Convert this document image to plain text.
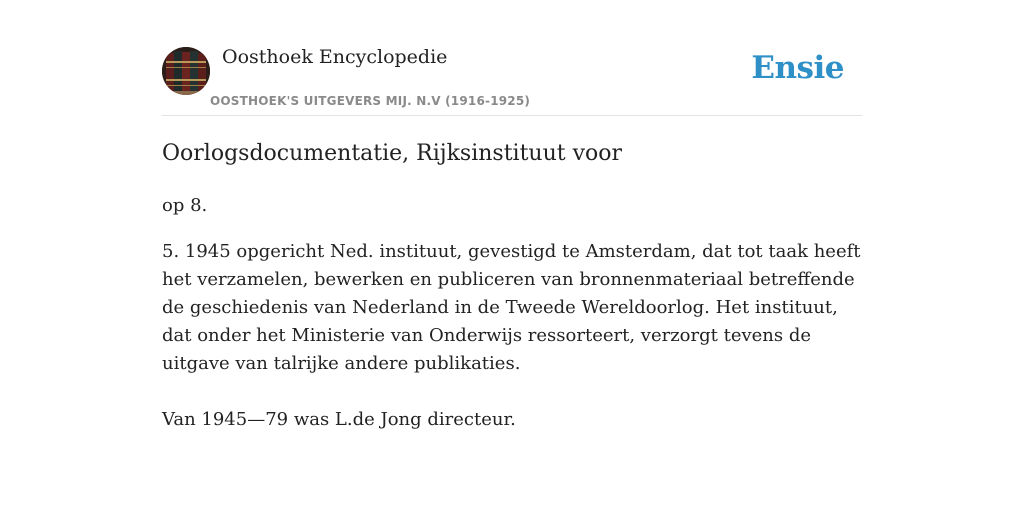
Oosthoek Encyclopedie
OOSTHOEK'S UITGEVERS MIJ. N.V (1916-1925)
Ensie
Oorlogsdocumentatie, Rijksinstituut voor
op 8.

5. 1945 opgericht Ned. instituut, gevestigd te Amsterdam, dat tot taak heeft het verzamelen, bewerken en publiceren van bronnenmateriaal betreffende de geschiedenis van Nederland in de Tweede Wereldoorlog. Het instituut, dat onder het Ministerie van Onderwijs ressorteert, verzorgt tevens de uitgave van talrijke andere publikaties.

Van 1945—79 was L.de Jong directeur.
